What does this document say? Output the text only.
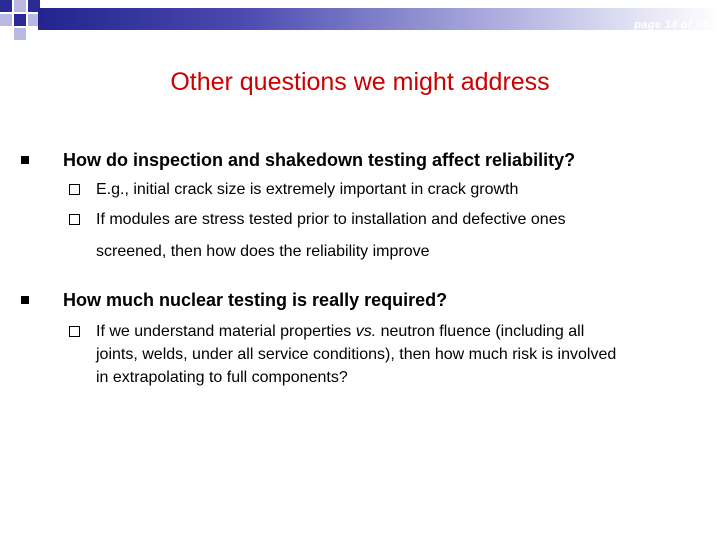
page 14 of 14
Other questions we might address
How do inspection and shakedown testing affect reliability?
E.g., initial crack size is extremely important in crack growth
If modules are stress tested prior to installation and defective ones
screened, then how does the reliability improve
How much nuclear testing is really required?
If we understand material properties vs. neutron fluence (including all
joints, welds, under all service conditions), then how much risk is involved
in extrapolating to full components?
